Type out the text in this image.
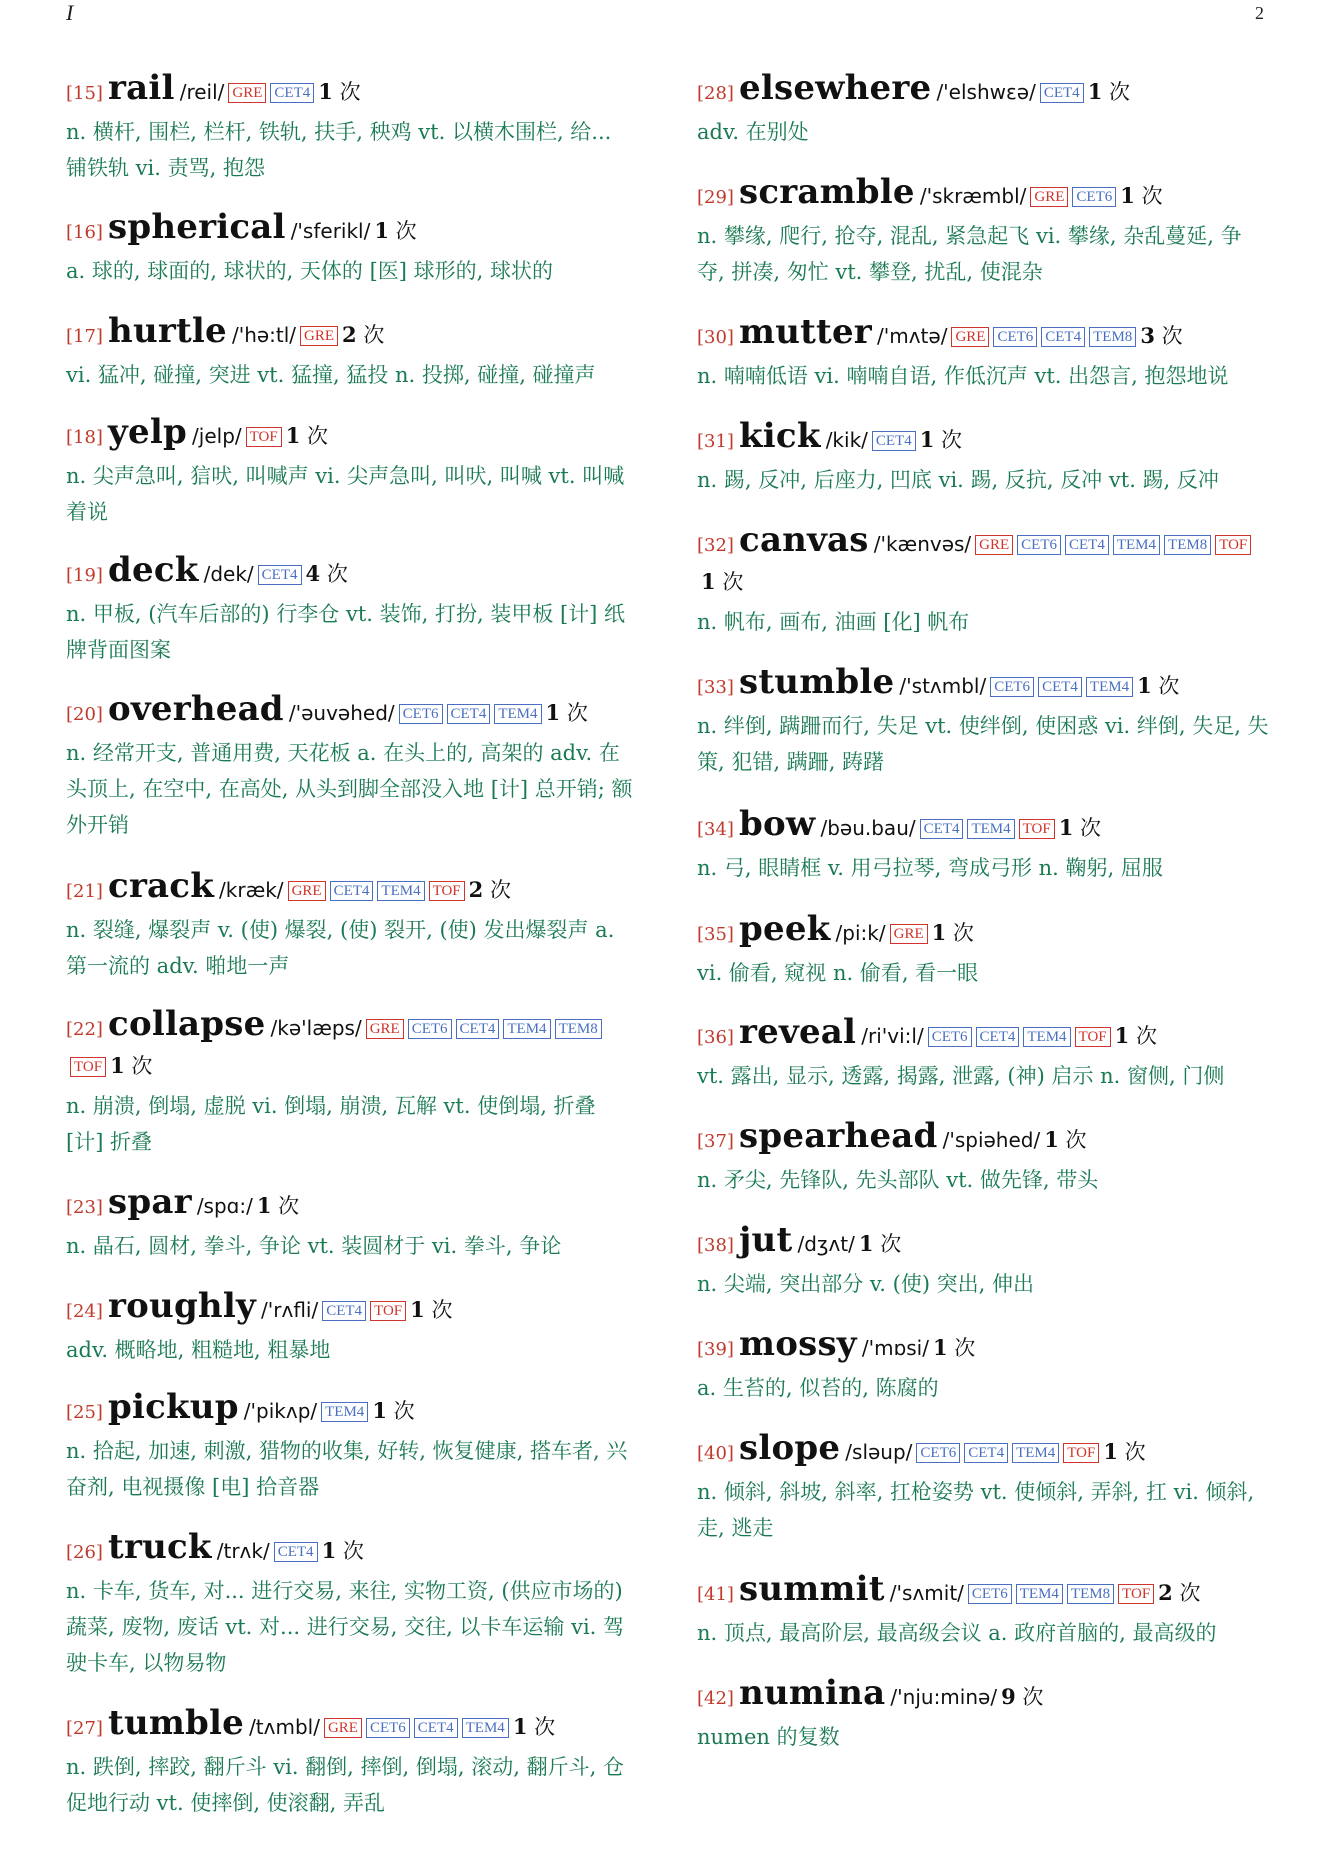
I	2
[15] rail /reil/ GRE CET4 1 次
n. 横杆, 围栏, 栏杆, 铁轨, 扶手, 秧鸡 vt. 以横木围栏, 给... 铺铁轨 vi. 责骂, 抱怨
[16] spherical /'sferikl/ 1 次
a. 球的, 球面的, 球状的, 天体的 [医] 球形的, 球状的
[17] hurtle /'hə:tl/ GRE 2 次
vi. 猛冲, 碰撞, 突进 vt. 猛撞, 猛投 n. 投掷, 碰撞, 碰撞声
[18] yelp /jelp/ TOF 1 次
n. 尖声急叫, 狺吠, 叫喊声 vi. 尖声急叫, 叫吠, 叫喊 vt. 叫喊着说
[19] deck /dek/ CET4 4 次
n. 甲板, (汽车后部的) 行李仓 vt. 装饰, 打扮, 装甲板 [计] 纸牌背面图案
[20] overhead /'əuvəhed/ CET6 CET4 TEM4 1 次
n. 经常开支, 普通用费, 天花板 a. 在头上的, 高架的 adv. 在头顶上, 在空中, 在高处, 从头到脚全部没入地 [计] 总开销; 额外开销
[21] crack /kræk/ GRE CET4 TEM4 TOF 2 次
n. 裂缝, 爆裂声 v. (使) 爆裂, (使) 裂开, (使) 发出爆裂声 a. 第一流的 adv. 啪地一声
[22] collapse /kə'læps/ GRE CET6 CET4 TEM4 TEM8TOF 1 次
n. 崩溃, 倒塌, 虚脱 vi. 倒塌, 崩溃, 瓦解 vt. 使倒塌, 折叠 [计] 折叠
[23] spar /spɑ:/ 1 次
n. 晶石, 圆材, 拳斗, 争论 vt. 装圆材于 vi. 拳斗, 争论
[24] roughly /'rʌfli/ CET4 TOF 1 次
adv. 概略地, 粗糙地, 粗暴地
[25] pickup /'pikʌp/ TEM4 1 次
n. 拾起, 加速, 刺激, 猎物的收集, 好转, 恢复健康, 搭车者, 兴奋剂, 电视摄像 [电] 拾音器
[26] truck /trʌk/ CET4 1 次
n. 卡车, 货车, 对... 进行交易, 来往, 实物工资, (供应市场的) 蔬菜, 废物, 废话 vt. 对... 进行交易, 交往, 以卡车运输 vi. 驾驶卡车, 以物易物
[27] tumble /tʌmbl/ GRE CET6 CET4 TEM4 1 次
n. 跌倒, 摔跤, 翻斤斗 vi. 翻倒, 摔倒, 倒塌, 滚动, 翻斤斗, 仓促地行动 vt. 使摔倒, 使滚翻, 弄乱
[28] elsewhere /'elshwεə/ CET4 1 次
adv. 在别处
[29] scramble /'skræmbl/ GRE CET6 1 次
n. 攀缘, 爬行, 抢夺, 混乱, 紧急起飞 vi. 攀缘, 杂乱蔓延, 争夺, 拼凑, 匆忙 vt. 攀登, 扰乱, 使混杂
[30] mutter /'mʌtə/ GRE CET6 CET4 TEM8 3 次
n. 喃喃低语 vi. 喃喃自语, 作低沉声 vt. 出怨言, 抱怨地说
[31] kick /kik/ CET4 1 次
n. 踢, 反冲, 后座力, 凹底 vi. 踢, 反抗, 反冲 vt. 踢, 反冲
[32] canvas /'kænvəs/ GRE CET6 CET4 TEM4 TEM8 TOF1 次
n. 帆布, 画布, 油画 [化] 帆布
[33] stumble /'stʌmbl/ CET6 CET4 TEM4 1 次
n. 绊倒, 蹒跚而行, 失足 vt. 使绊倒, 使困惑 vi. 绊倒, 失足, 失策, 犯错, 蹒跚, 踌躇
[34] bow /bəu.bau/ CET4 TEM4 TOF 1 次
n. 弓, 眼睛框 v. 用弓拉琴, 弯成弓形 n. 鞠躬, 屈服
[35] peek /pi:k/ GRE 1 次
vi. 偷看, 窥视 n. 偷看, 看一眼
[36] reveal /ri'vi:l/ CET6 CET4 TEM4 TOF 1 次
vt. 露出, 显示, 透露, 揭露, 泄露, (神) 启示 n. 窗侧, 门侧
[37] spearhead /'spiəhed/ 1 次
n. 矛尖, 先锋队, 先头部队 vt. 做先锋, 带头
[38] jut /dʒʌt/ 1 次
n. 尖端, 突出部分 v. (使) 突出, 伸出
[39] mossy /'mɒsi/ 1 次
a. 生苔的, 似苔的, 陈腐的
[40] slope /sləup/ CET6 CET4 TEM4 TOF 1 次
n. 倾斜, 斜坡, 斜率, 扛枪姿势 vt. 使倾斜, 弄斜, 扛 vi. 倾斜, 走, 逃走
[41] summit /'sʌmit/ CET6 TEM4 TEM8 TOF 2 次
n. 顶点, 最高阶层, 最高级会议 a. 政府首脑的, 最高级的
[42] numina /'nju:minə/ 9 次
numen 的复数
